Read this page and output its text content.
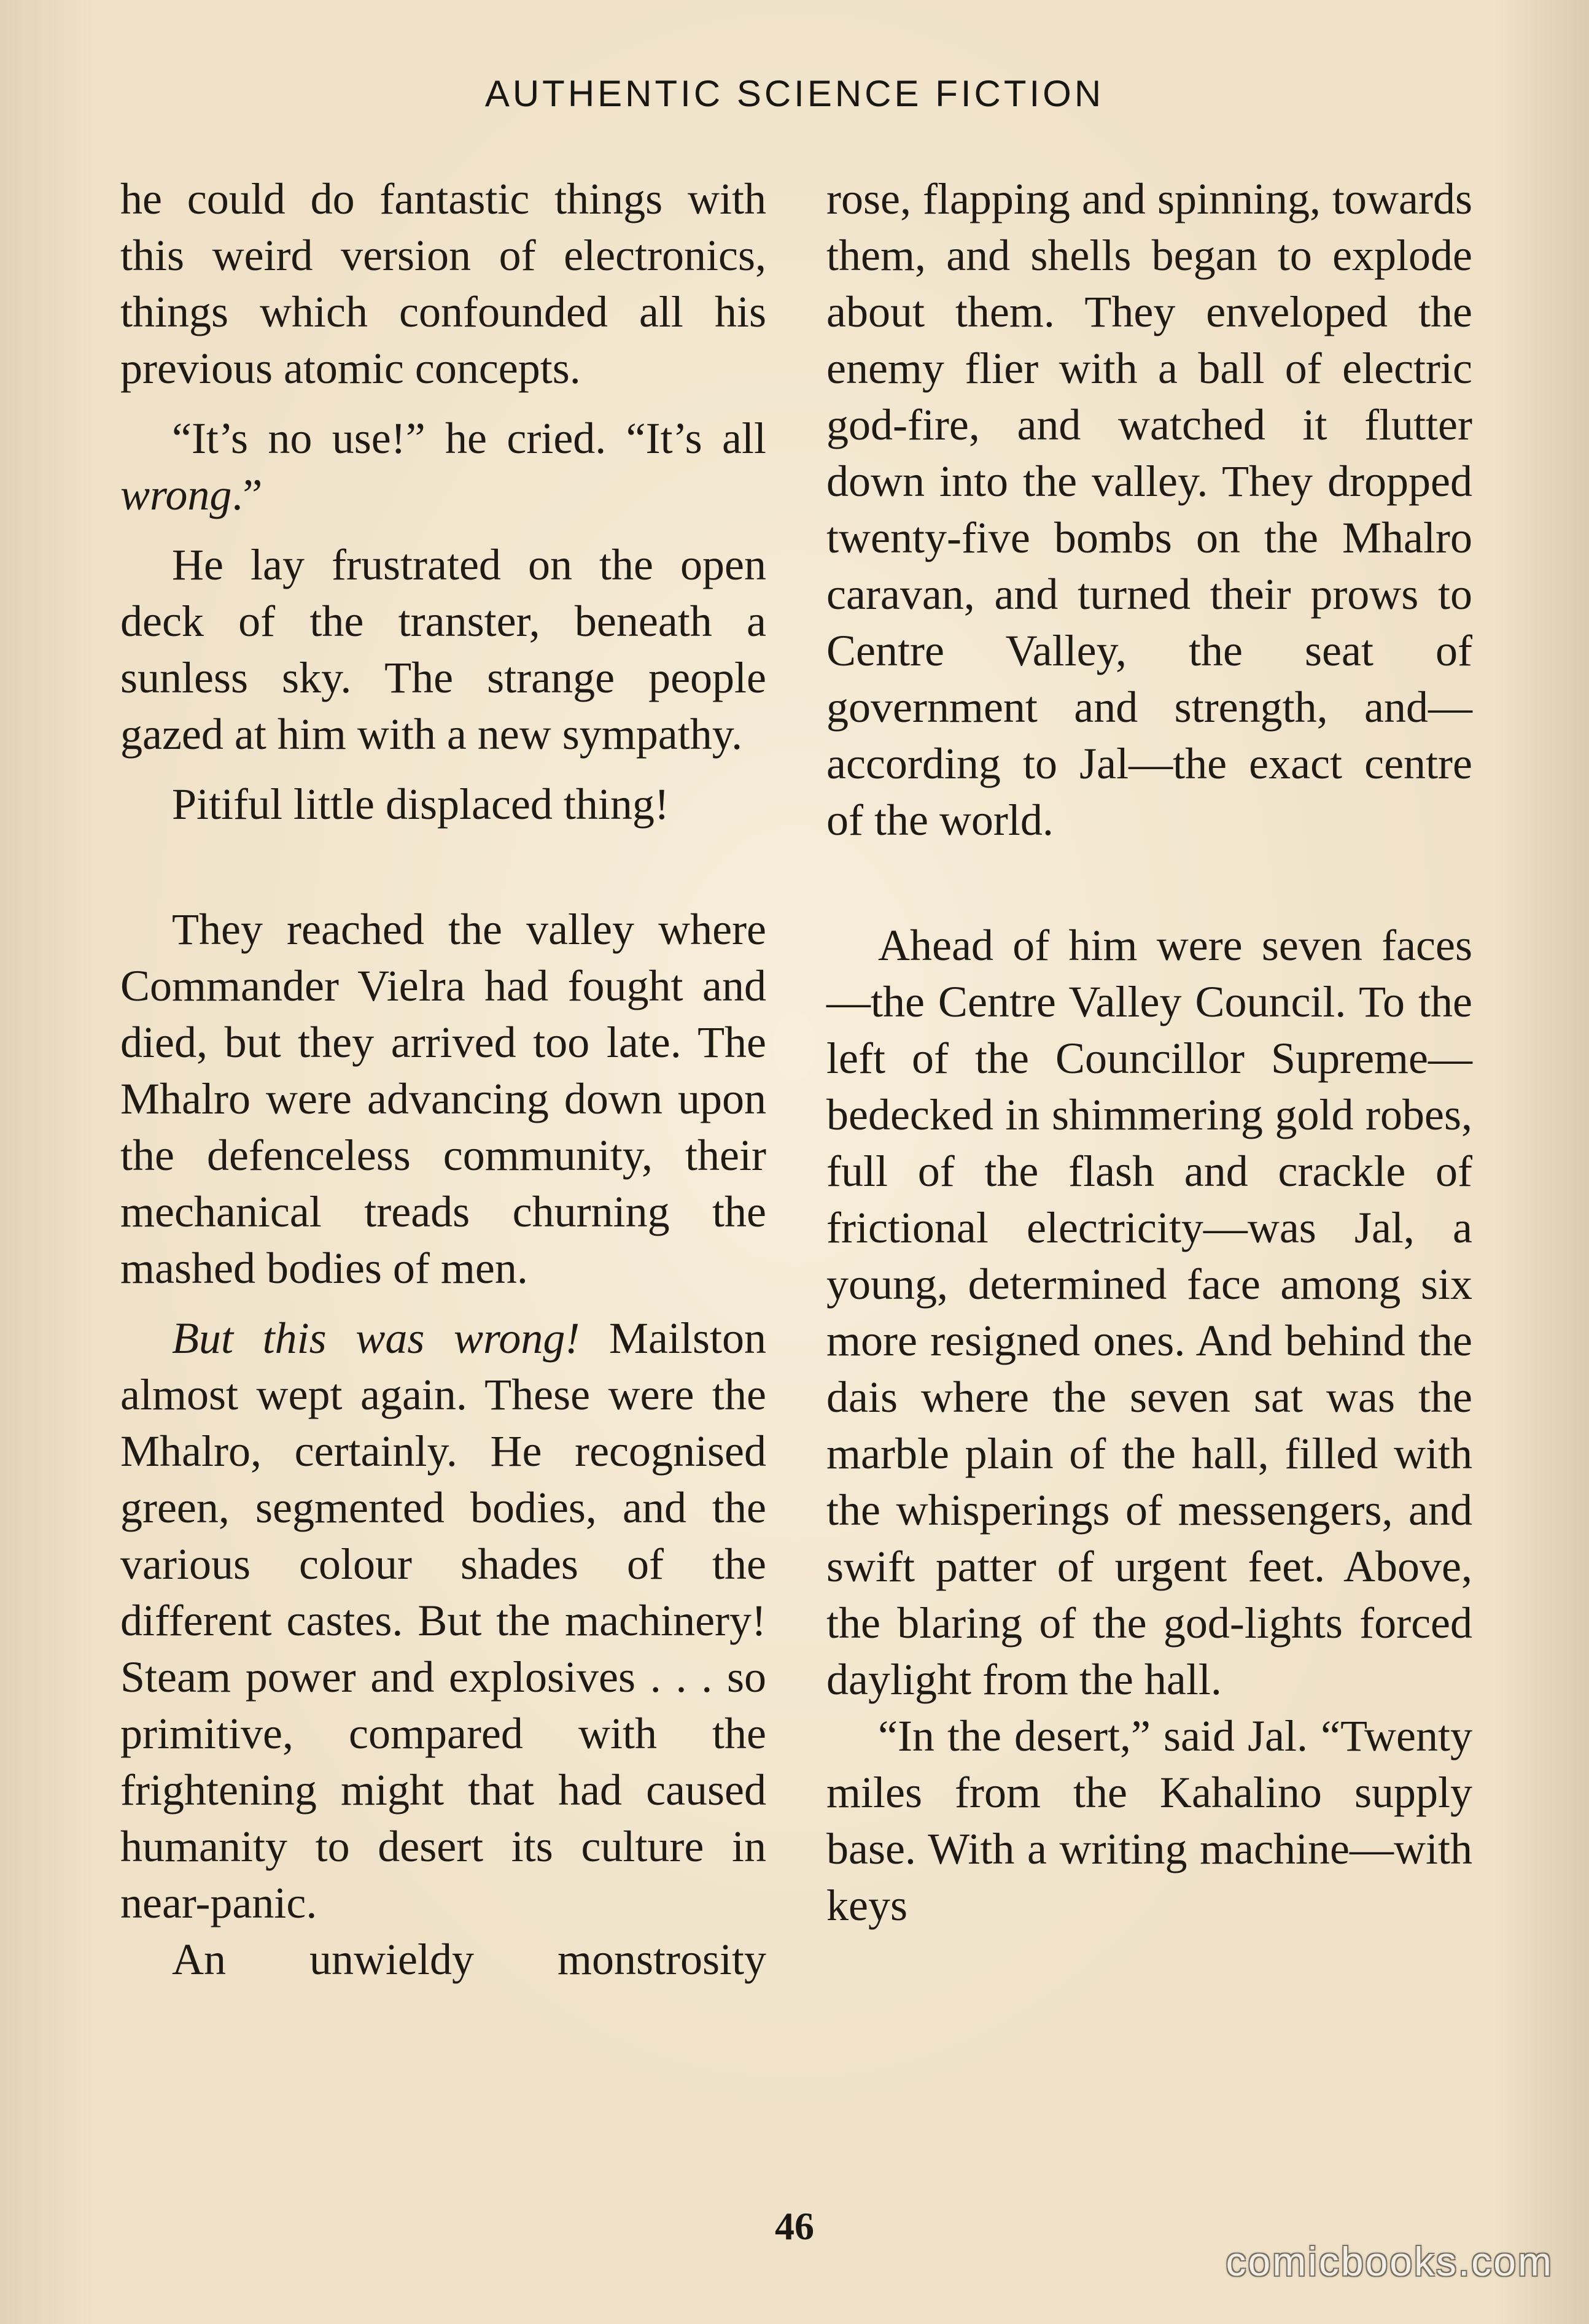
AUTHENTIC SCIENCE FICTION

he could do fantastic things with this weird version of electronics, things which confounded all his previous atomic concepts.

“It’s no use!” he cried. “It’s all wrong.”

He lay frustrated on the open deck of the transter, beneath a sunless sky. The strange people gazed at him with a new sympathy.

Pitiful little displaced thing!

They reached the valley where Commander Vielra had fought and died, but they arrived too late. The Mhalro were advancing down upon the defenceless community, their mechanical treads churning the mashed bodies of men.

But this was wrong! Mailston almost wept again. These were the Mhalro, certainly. He recognised green, segmented bodies, and the various colour shades of the different castes. But the machinery! Steam power and explosives . . . so primitive, compared with the frightening might that had caused humanity to desert its culture in near-panic.

An unwieldy monstrosity

rose, flapping and spinning, towards them, and shells began to explode about them. They enveloped the enemy flier with a ball of electric god-fire, and watched it flutter down into the valley. They dropped twenty-five bombs on the Mhalro caravan, and turned their prows to Centre Valley, the seat of government and strength, and—according to Jal—the exact centre of the world.

Ahead of him were seven faces—the Centre Valley Council. To the left of the Councillor Supreme—bedecked in shimmering gold robes, full of the flash and crackle of frictional electricity—was Jal, a young, determined face among six more resigned ones. And behind the dais where the seven sat was the marble plain of the hall, filled with the whisperings of messengers, and swift patter of urgent feet. Above, the blaring of the god-lights forced daylight from the hall.

“In the desert,” said Jal. “Twenty miles from the Kahalino supply base. With a writing machine—with keys

46
comicbooks.com
